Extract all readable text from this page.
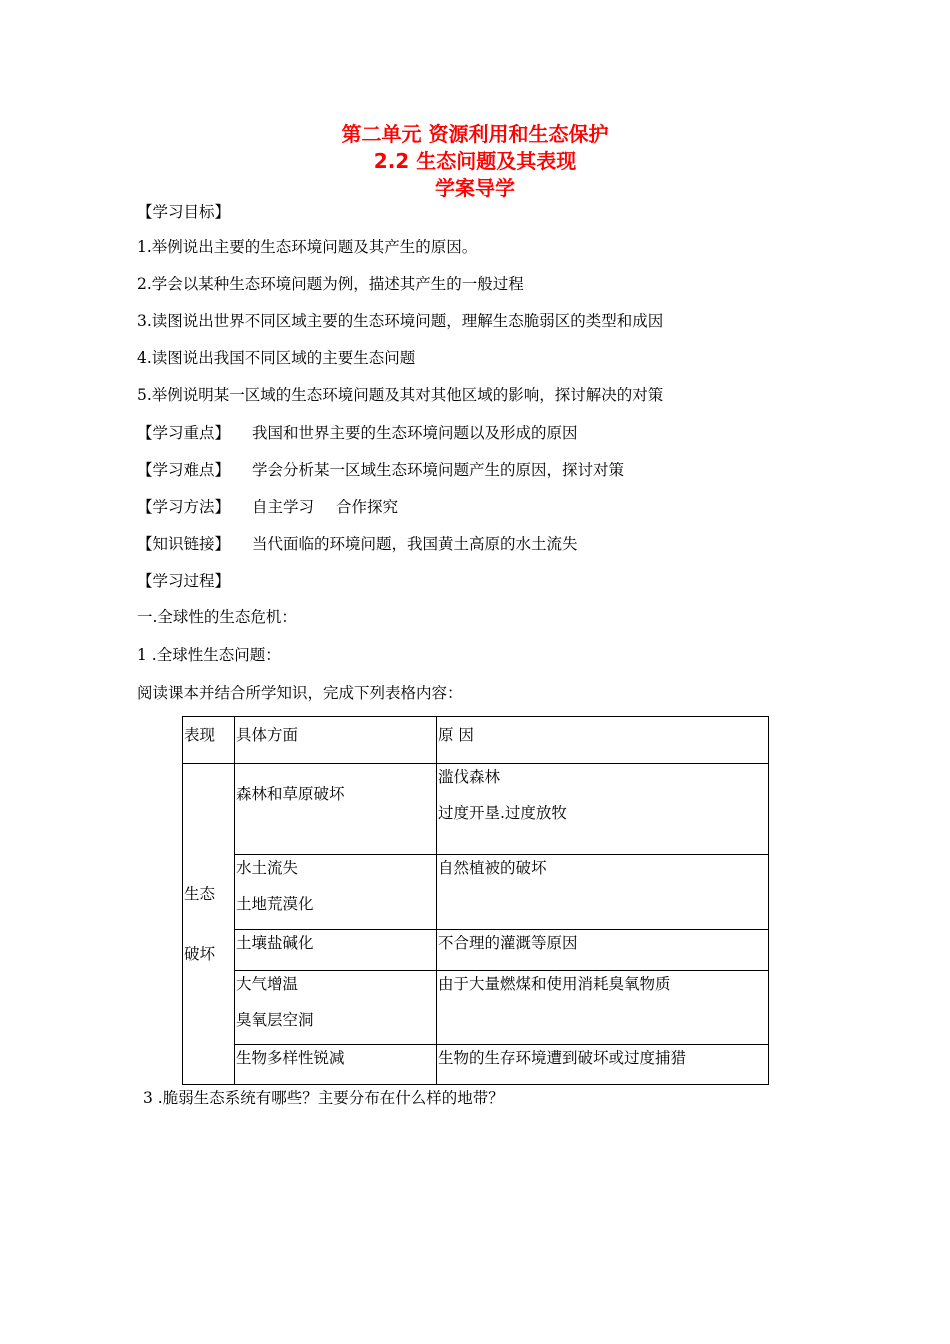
第二单元 资源利用和生态保护
2.2 生态问题及其表现
学案导学
【学习目标】
1.举例说出主要的生态环境问题及其产生的原因。
2.学会以某种生态环境问题为例，描述其产生的一般过程
3.读图说出世界不同区域主要的生态环境问题，理解生态脆弱区的类型和成因
4.读图说出我国不同区域的主要生态问题
5.举例说明某一区域的生态环境问题及其对其他区域的影响，探讨解决的对策
【学习重点】 我国和世界主要的生态环境问题以及形成的原因
【学习难点】 学会分析某一区域生态环境问题产生的原因，探讨对策
【学习方法】 自主学习 合作探究
【知识链接】 当代面临的环境问题，我国黄土高原的水土流失
【学习过程】
一.全球性的生态危机：
1 .全球性生态问题：
阅读课本并结合所学知识，完成下列表格内容：
表现	具体方面	原 因

生态
破坏	森林和草原破坏	滥伐森林
过度开垦.过度放牧

	水土流失
土地荒漠化	自然植被的破坏

	土壤盐碱化	不合理的灌溉等原因

	大气增温
臭氧层空洞	由于大量燃煤和使用消耗臭氧物质

	生物多样性锐减	生物的生存环境遭到破坏或过度捕猎
3 .脆弱生态系统有哪些？主要分布在什么样的地带？
